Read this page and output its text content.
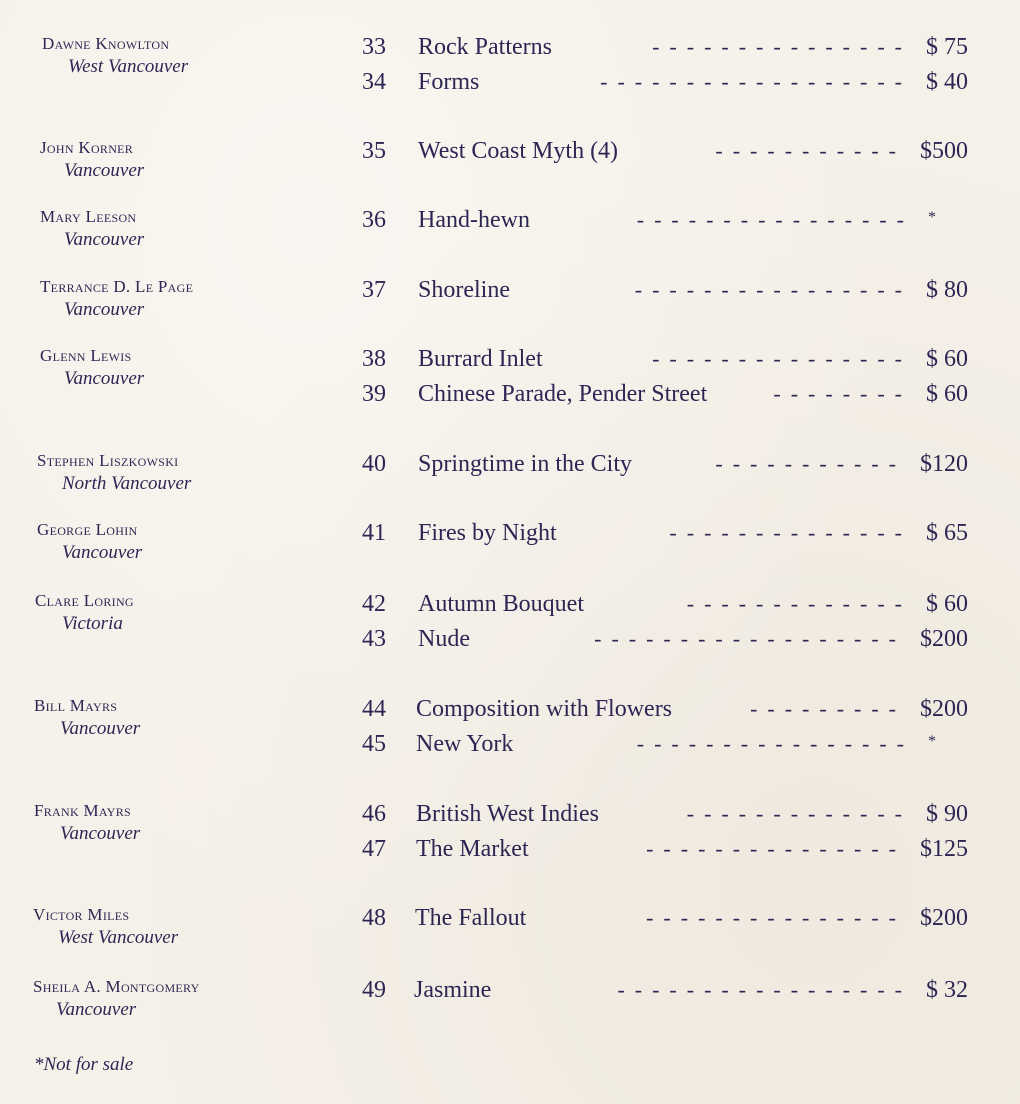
Dawne Knowlton
West Vancouver
33	Rock Patterns	--------------- $ 75
34	Forms	------------------ $ 40
John Korner
Vancouver
35	West Coast Myth (4)	----------- $500
Mary Leeson
Vancouver
36	Hand-hewn	---------------- *
Terrance D. Le Page
Vancouver
37	Shoreline	---------------- $ 80
Glenn Lewis
Vancouver
38	Burrard Inlet	--------------- $ 60
39	Chinese Parade, Pender Street	-------- $ 60
Stephen Liszkowski
North Vancouver
40	Springtime in the City	----------- $120
George Lohin
Vancouver
41	Fires by Night	-------------- $ 65
Clare Loring
Victoria
42	Autumn Bouquet	------------- $ 60
43	Nude	------------------ $200
Bill Mayrs
Vancouver
44	Composition with Flowers	--------- $200
45	New York	---------------- *
Frank Mayrs
Vancouver
46	British West Indies	------------- $ 90
47	The Market	--------------- $125
Victor Miles
West Vancouver
48	The Fallout	--------------- $200
Sheila A. Montgomery
Vancouver
49	Jasmine	----------------- $ 32
*Not for sale
